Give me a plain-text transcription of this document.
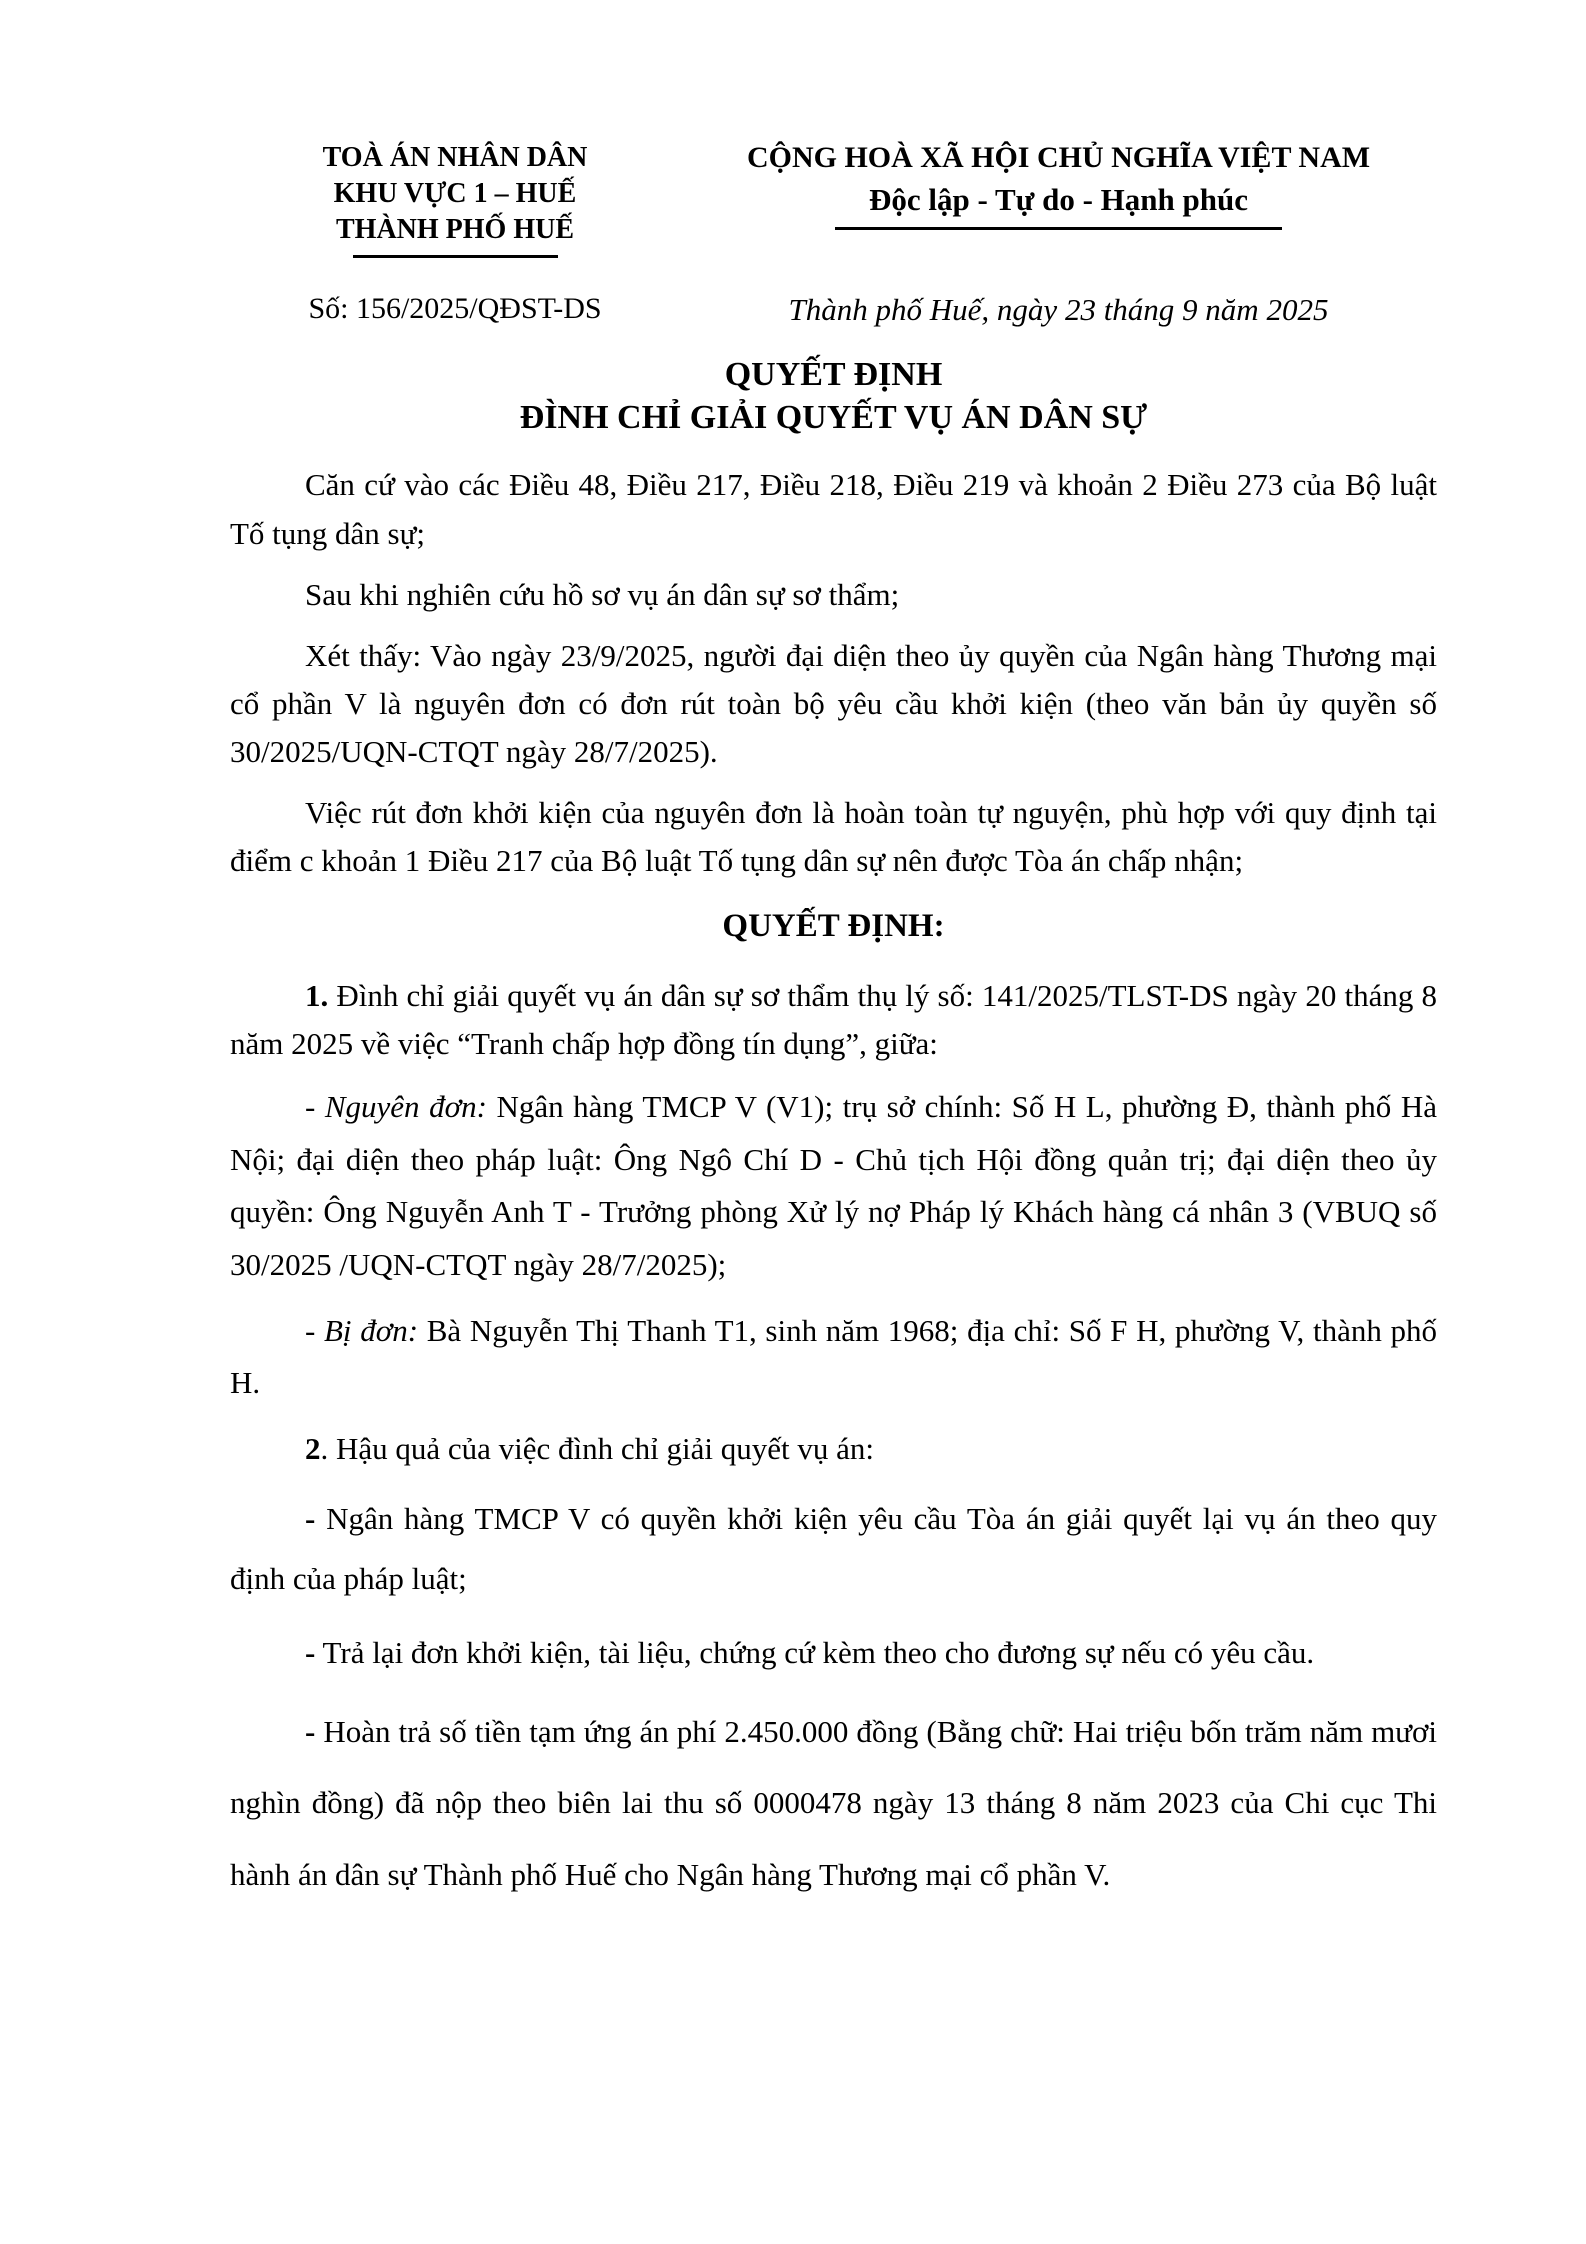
TOÀ ÁN NHÂN DÂN
KHU VỰC 1 – HUẾ
THÀNH PHỐ HUẾ
CỘNG HOÀ XÃ HỘI CHỦ NGHĨA VIỆT NAM
Độc lập - Tự do - Hạnh phúc
Số: 156/2025/QĐST-DS	Thành phố Huế, ngày 23 tháng 9 năm 2025
QUYẾT ĐỊNH
ĐÌNH CHỈ GIẢI QUYẾT VỤ ÁN DÂN SỰ

Căn cứ vào các Điều 48, Điều 217, Điều 218, Điều 219 và khoản 2 Điều 273 của Bộ luật Tố tụng dân sự;

Sau khi nghiên cứu hồ sơ vụ án dân sự sơ thẩm;

Xét thấy: Vào ngày 23/9/2025, người đại diện theo ủy quyền của Ngân hàng Thương mại cổ phần V là nguyên đơn có đơn rút toàn bộ yêu cầu khởi kiện (theo văn bản ủy quyền số 30/2025/UQN-CTQT ngày 28/7/2025).

Việc rút đơn khởi kiện của nguyên đơn là hoàn toàn tự nguyện, phù hợp với quy định tại điểm c khoản 1 Điều 217 của Bộ luật Tố tụng dân sự nên được Tòa án chấp nhận;

QUYẾT ĐỊNH:

1. Đình chỉ giải quyết vụ án dân sự sơ thẩm thụ lý số: 141/2025/TLST-DS ngày 20 tháng 8 năm 2025 về việc “Tranh chấp hợp đồng tín dụng”, giữa:

- Nguyên đơn: Ngân hàng TMCP V (V1); trụ sở chính: Số H L, phường Đ, thành phố Hà Nội; đại diện theo pháp luật: Ông Ngô Chí D - Chủ tịch Hội đồng quản trị; đại diện theo ủy quyền: Ông Nguyễn Anh T - Trưởng phòng Xử lý nợ Pháp lý Khách hàng cá nhân 3 (VBUQ số 30/2025 /UQN-CTQT ngày 28/7/2025);

- Bị đơn: Bà Nguyễn Thị Thanh T1, sinh năm 1968; địa chỉ: Số F H, phường V, thành phố H.

2. Hậu quả của việc đình chỉ giải quyết vụ án:

- Ngân hàng TMCP V có quyền khởi kiện yêu cầu Tòa án giải quyết lại vụ án theo quy định của pháp luật;

- Trả lại đơn khởi kiện, tài liệu, chứng cứ kèm theo cho đương sự nếu có yêu cầu.

- Hoàn trả số tiền tạm ứng án phí 2.450.000 đồng (Bằng chữ: Hai triệu bốn trăm năm mươi nghìn đồng) đã nộp theo biên lai thu số 0000478 ngày 13 tháng 8 năm 2023 của Chi cục Thi hành án dân sự Thành phố Huế cho Ngân hàng Thương mại cổ phần V.
